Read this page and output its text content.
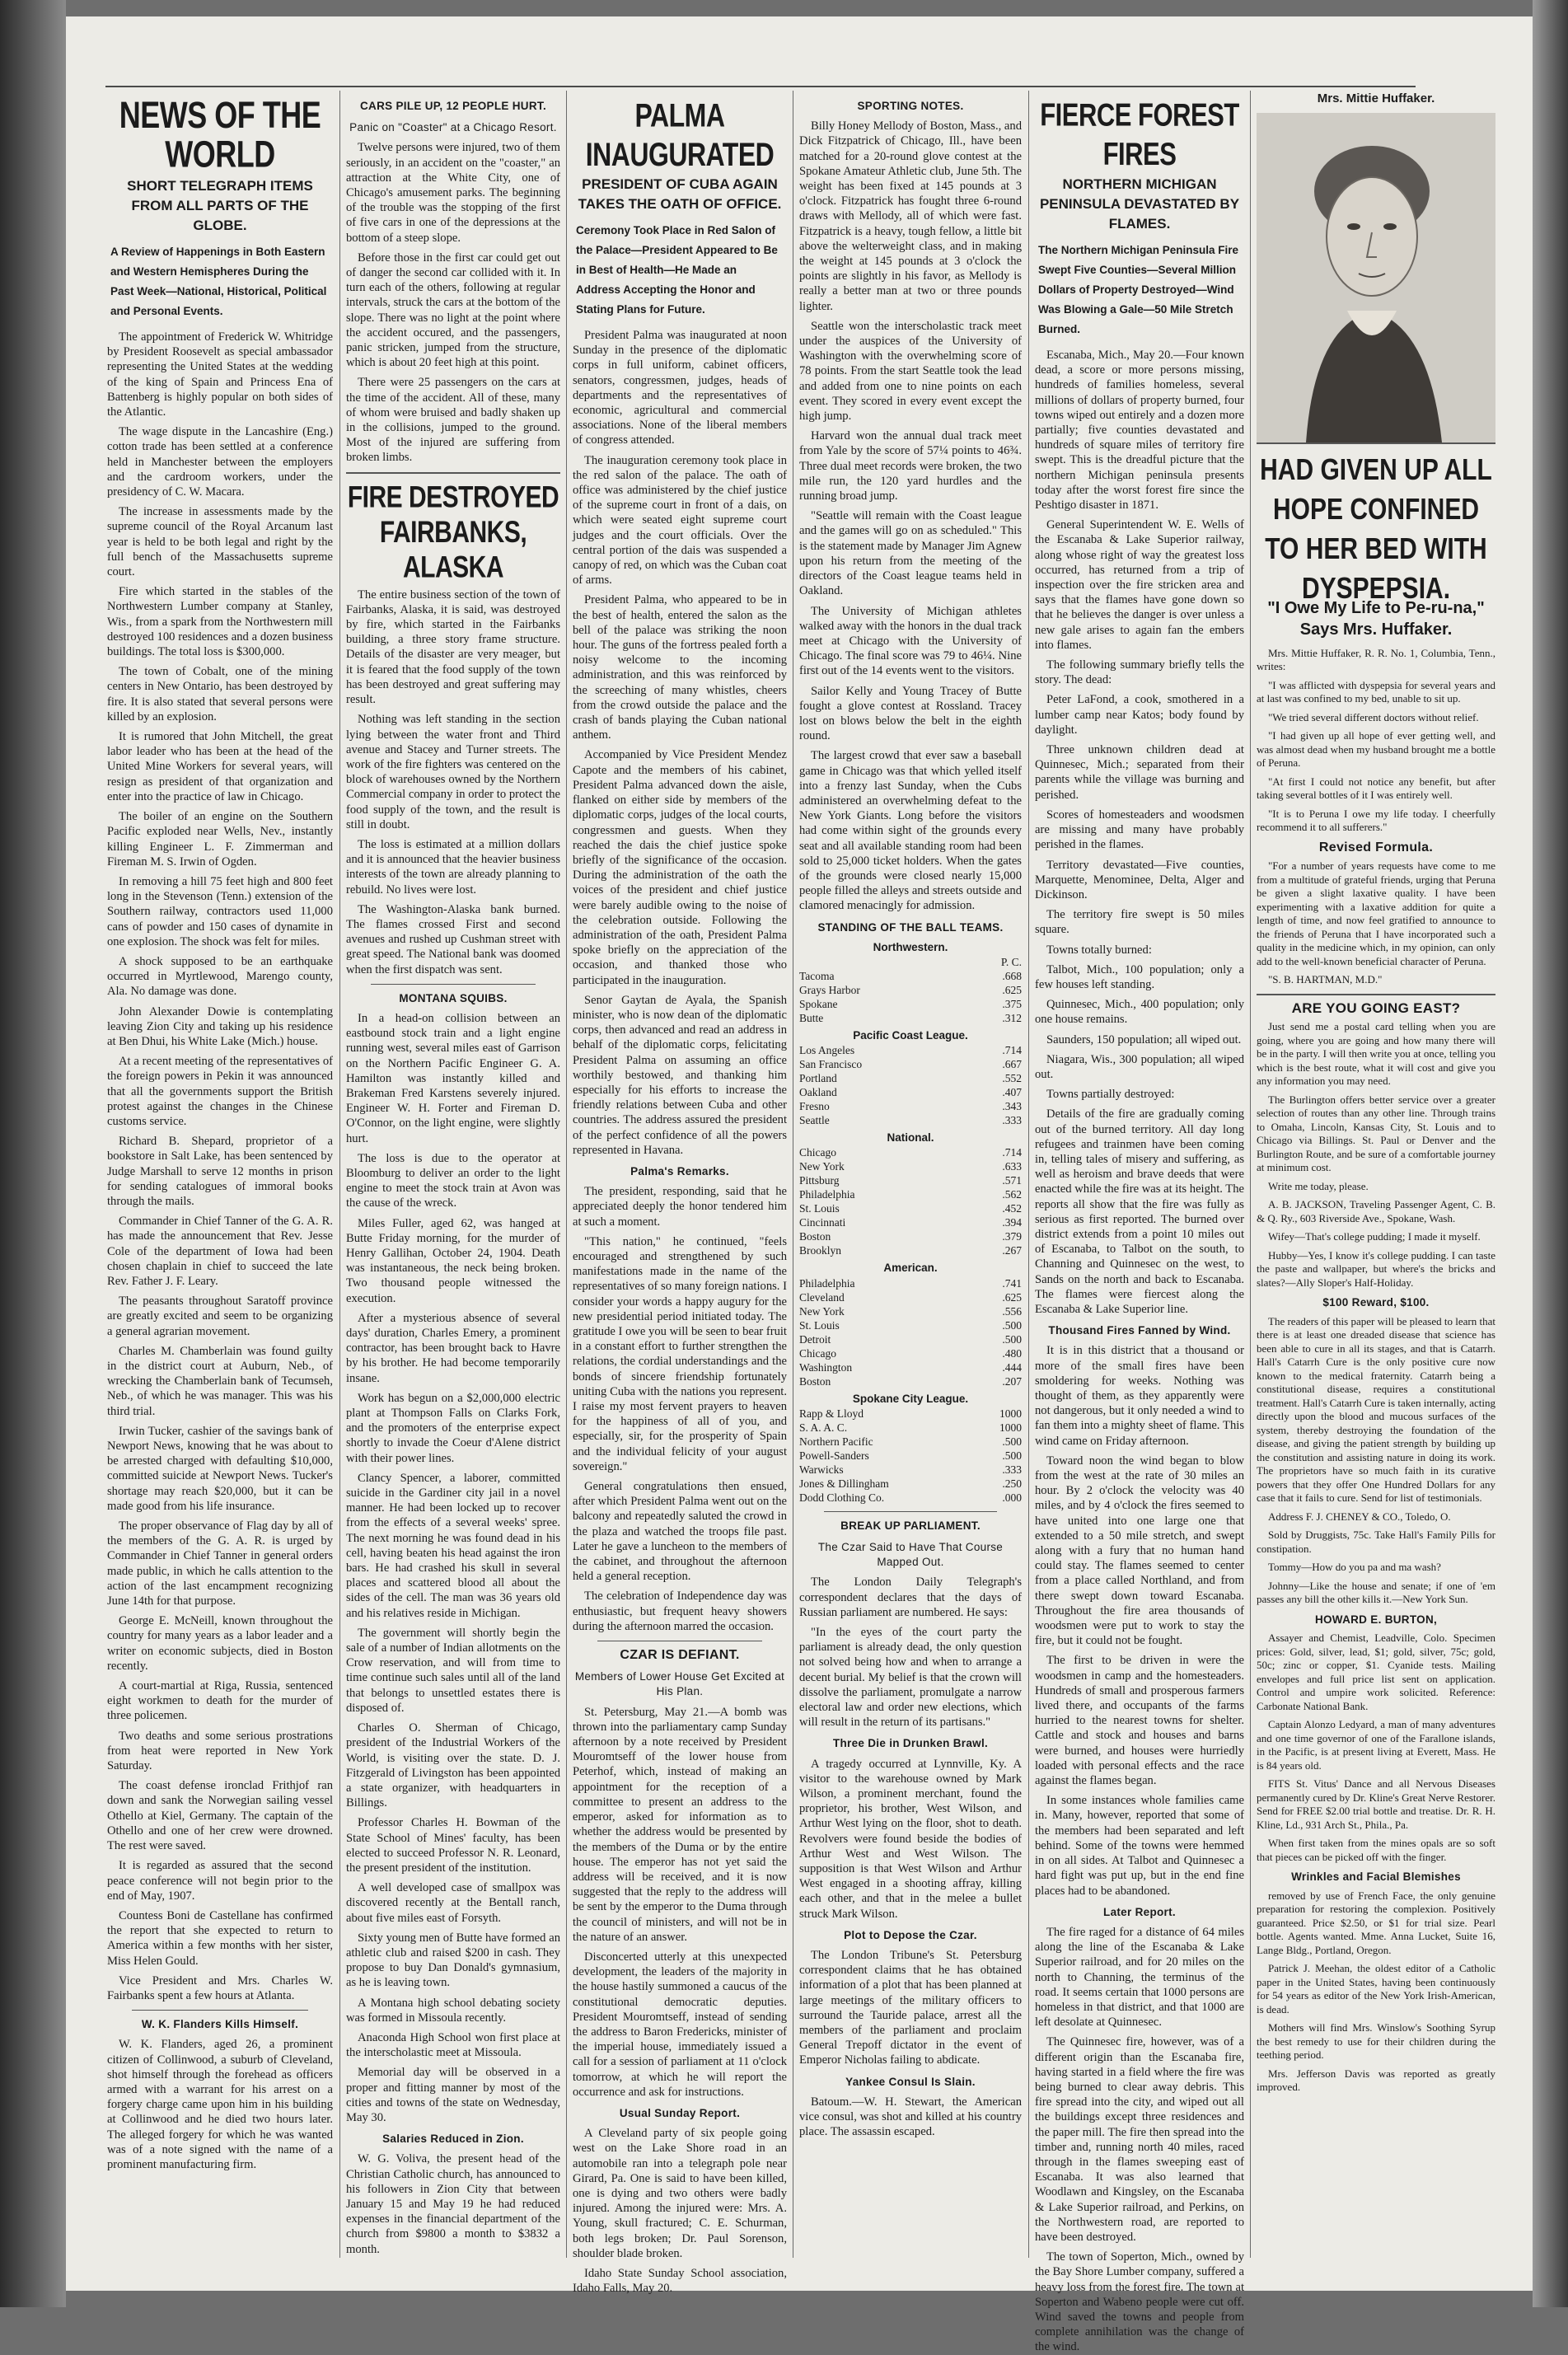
NEWS OF THE WORLD
SHORT TELEGRAPH ITEMS FROM ALL PARTS OF THE GLOBE.
A Review of Happenings in Both Eastern and Western Hemispheres During the Past Week—National, Historical, Political and Personal Events.

The appointment of Frederick W. Whitridge by President Roosevelt as special ambassador representing the United States at the wedding of the king of Spain and Princess Ena of Battenberg is highly popular on both sides of the Atlantic.

The wage dispute in the Lancashire (Eng.) cotton trade has been settled at a conference held in Manchester between the employers and the cardroom workers, under the presidency of C. W. Macara.

The increase in assessments made by the supreme council of the Royal Arcanum last year is held to be both legal and right by the full bench of the Massachusetts supreme court.

Fire which started in the stables of the Northwestern Lumber company at Stanley, Wis., from a spark from the Northwestern mill destroyed 100 residences and a dozen business buildings. The total loss is $300,000.

The town of Cobalt, one of the mining centers in New Ontario, has been destroyed by fire. It is also stated that several persons were killed by an explosion.

It is rumored that John Mitchell, the great labor leader who has been at the head of the United Mine Workers for several years, will resign as president of that organization and enter into the practice of law in Chicago.

The boiler of an engine on the Southern Pacific exploded near Wells, Nev., instantly killing Engineer L. F. Zimmerman and Fireman M. S. Irwin of Ogden.

In removing a hill 75 feet high and 800 feet long in the Stevenson (Tenn.) extension of the Southern railway, contractors used 11,000 cans of powder and 150 cases of dynamite in one explosion. The shock was felt for miles.

A shock supposed to be an earthquake occurred in Myrtlewood, Marengo county, Ala. No damage was done.

John Alexander Dowie is contemplating leaving Zion City and taking up his residence at Ben Dhui, his White Lake (Mich.) house.

At a recent meeting of the representatives of the foreign powers in Pekin it was announced that all the governments support the British protest against the changes in the Chinese customs service.

Richard B. Shepard, proprietor of a bookstore in Salt Lake, has been sentenced by Judge Marshall to serve 12 months in prison for sending catalogues of immoral books through the mails.

Commander in Chief Tanner of the G. A. R. has made the announcement that Rev. Jesse Cole of the department of Iowa had been chosen chaplain in chief to succeed the late Rev. Father J. F. Leary.

The peasants throughout Saratoff province are greatly excited and seem to be organizing a general agrarian movement.

Charles M. Chamberlain was found guilty in the district court at Auburn, Neb., of wrecking the Chamberlain bank of Tecumseh, Neb., of which he was manager. This was his third trial.

Irwin Tucker, cashier of the savings bank of Newport News, knowing that he was about to be arrested charged with defaulting $10,000, committed suicide at Newport News. Tucker's shortage may reach $20,000, but it can be made good from his life insurance.

The proper observance of Flag day by all of the members of the G. A. R. is urged by Commander in Chief Tanner in general orders made public, in which he calls attention to the action of the last encampment recognizing June 14th for that purpose.

George E. McNeill, known throughout the country for many years as a labor leader and a writer on economic subjects, died in Boston recently.

A court-martial at Riga, Russia, sentenced eight workmen to death for the murder of three policemen.

Two deaths and some serious prostrations from heat were reported in New York Saturday.

The coast defense ironclad Frithjof ran down and sank the Norwegian sailing vessel Othello at Kiel, Germany. The captain of the Othello and one of her crew were drowned. The rest were saved.

It is regarded as assured that the second peace conference will not begin prior to the end of May, 1907.

Countess Boni de Castellane has confirmed the report that she expected to return to America within a few months with her sister, Miss Helen Gould.

Vice President and Mrs. Charles W. Fairbanks spent a few hours at Atlanta.

W. K. Flanders Kills Himself.

W. K. Flanders, aged 26, a prominent citizen of Collinwood, a suburb of Cleveland, shot himself through the forehead as officers armed with a warrant for his arrest on a forgery charge came upon him in his building at Collinwood and he died two hours later. The alleged forgery for which he was wanted was of a note signed with the name of a prominent manufacturing firm.

CARS PILE UP, 12 PEOPLE HURT.
Panic on "Coaster" at a Chicago Resort.

Twelve persons were injured, two of them seriously, in an accident on the "coaster," an attraction at the White City, one of Chicago's amusement parks. The beginning of the trouble was the stopping of the first of five cars in one of the depressions at the bottom of a steep slope.

Before those in the first car could get out of danger the second car collided with it. In turn each of the others, following at regular intervals, struck the cars at the bottom of the slope. There was no light at the point where the accident occured, and the passengers, panic stricken, jumped from the structure, which is about 20 feet high at this point.

There were 25 passengers on the cars at the time of the accident. All of these, many of whom were bruised and badly shaken up in the collisions, jumped to the ground. Most of the injured are suffering from broken limbs.

FIRE DESTROYED FAIRBANKS, ALASKA

The entire business section of the town of Fairbanks, Alaska, it is said, was destroyed by fire, which started in the Fairbanks building, a three story frame structure. Details of the disaster are very meager, but it is feared that the food supply of the town has been destroyed and great suffering may result.

Nothing was left standing in the section lying between the water front and Third avenue and Stacey and Turner streets. The work of the fire fighters was centered on the block of warehouses owned by the Northern Commercial company in order to protect the food supply of the town, and the result is still in doubt.

The loss is estimated at a million dollars and it is announced that the heavier business interests of the town are already planning to rebuild. No lives were lost.

The Washington-Alaska bank burned. The flames crossed First and second avenues and rushed up Cushman street with great speed. The National bank was doomed when the first dispatch was sent.

MONTANA SQUIBS.

In a head-on collision between an eastbound stock train and a light engine running west, several miles east of Garrison on the Northern Pacific Engineer G. A. Hamilton was instantly killed and Brakeman Fred Karstens severely injured. Engineer W. H. Forter and Fireman D. O'Connor, on the light engine, were slightly hurt.

The loss is due to the operator at Bloomburg to deliver an order to the light engine to meet the stock train at Avon was the cause of the wreck.

Miles Fuller, aged 62, was hanged at Butte Friday morning, for the murder of Henry Gallihan, October 24, 1904. Death was instantaneous, the neck being broken. Two thousand people witnessed the execution.

After a mysterious absence of several days' duration, Charles Emery, a prominent contractor, has been brought back to Havre by his brother. He had become temporarily insane.

Work has begun on a $2,000,000 electric plant at Thompson Falls on Clarks Fork, and the promoters of the enterprise expect shortly to invade the Coeur d'Alene district with their power lines.

Clancy Spencer, a laborer, committed suicide in the Gardiner city jail in a novel manner. He had been locked up to recover from the effects of a several weeks' spree. The next morning he was found dead in his cell, having beaten his head against the iron bars. He had crashed his skull in several places and scattered blood all about the sides of the cell. The man was 36 years old and his relatives reside in Michigan.

The government will shortly begin the sale of a number of Indian allotments on the Crow reservation, and will from time to time continue such sales until all of the land that belongs to unsettled estates there is disposed of.

Charles O. Sherman of Chicago, president of the Industrial Workers of the World, is visiting over the state. D. J. Fitzgerald of Livingston has been appointed a state organizer, with headquarters in Billings.

Professor Charles H. Bowman of the State School of Mines' faculty, has been elected to succeed Professor N. R. Leonard, the present president of the institution.

A well developed case of smallpox was discovered recently at the Bentall ranch, about five miles east of Forsyth.

Sixty young men of Butte have formed an athletic club and raised $200 in cash. They propose to buy Dan Donald's gymnasium, as he is leaving town.

A Montana high school debating society was formed in Missoula recently.

Anaconda High School won first place at the interscholastic meet at Missoula.

Memorial day will be observed in a proper and fitting manner by most of the cities and towns of the state on Wednesday, May 30.

Salaries Reduced in Zion.

W. G. Voliva, the present head of the Christian Catholic church, has announced to his followers in Zion City that between January 15 and May 19 he had reduced expenses in the financial department of the church from $9800 a month to $3832 a month.

PALMA INAUGURATED
PRESIDENT OF CUBA AGAIN TAKES THE OATH OF OFFICE.
Ceremony Took Place in Red Salon of the Palace—President Appeared to Be in Best of Health—He Made an Address Accepting the Honor and Stating Plans for Future.

President Palma was inaugurated at noon Sunday in the presence of the diplomatic corps in full uniform, cabinet officers, senators, congressmen, judges, heads of departments and the representatives of economic, agricultural and commercial associations. None of the liberal members of congress attended.

The inauguration ceremony took place in the red salon of the palace. The oath of office was administered by the chief justice of the supreme court in front of a dais, on which were seated eight supreme court judges and the court officials. Over the central portion of the dais was suspended a canopy of red, on which was the Cuban coat of arms.

President Palma, who appeared to be in the best of health, entered the salon as the bell of the palace was striking the noon hour. The guns of the fortress pealed forth a noisy welcome to the incoming administration, and this was reinforced by the screeching of many whistles, cheers from the crowd outside the palace and the crash of bands playing the Cuban national anthem.

Accompanied by Vice President Mendez Capote and the members of his cabinet, President Palma advanced down the aisle, flanked on either side by members of the diplomatic corps, judges of the local courts, congressmen and guests. When they reached the dais the chief justice spoke briefly of the significance of the occasion. During the administration of the oath the voices of the president and chief justice were barely audible owing to the noise of the celebration outside. Following the administration of the oath, President Palma spoke briefly on the appreciation of the occasion, and thanked those who participated in the inauguration.

Senor Gaytan de Ayala, the Spanish minister, who is now dean of the diplomatic corps, then advanced and read an address in behalf of the diplomatic corps, felicitating President Palma on assuming an office worthily bestowed, and thanking him especially for his efforts to increase the friendly relations between Cuba and other countries. The address assured the president of the perfect confidence of all the powers represented in Havana.

Palma's Remarks.

The president, responding, said that he appreciated deeply the honor tendered him at such a moment.

"This nation," he continued, "feels encouraged and strengthened by such manifestations made in the name of the representatives of so many foreign nations. I consider your words a happy augury for the new presidential period initiated today. The gratitude I owe you will be seen to bear fruit in a constant effort to further strengthen the relations, the cordial understandings and the bonds of sincere friendship fortunately uniting Cuba with the nations you represent. I raise my most fervent prayers to heaven for the happiness of all of you, and especially, sir, for the prosperity of Spain and the individual felicity of your august sovereign."

General congratulations then ensued, after which President Palma went out on the balcony and repeatedly saluted the crowd in the plaza and watched the troops file past. Later he gave a luncheon to the members of the cabinet, and throughout the afternoon held a general reception.

The celebration of Independence day was enthusiastic, but frequent heavy showers during the afternoon marred the occasion.

CZAR IS DEFIANT.
Members of Lower House Get Excited at His Plan.

St. Petersburg, May 21.—A bomb was thrown into the parliamentary camp Sunday afternoon by a note received by President Mouromtseff of the lower house from Peterhof, which, instead of making an appointment for the reception of a committee to present an address to the emperor, asked for information as to whether the address would be presented by the members of the Duma or by the entire house. The emperor has not yet said the address will be received, and it is now suggested that the reply to the address will be sent by the emperor to the Duma through the council of ministers, and will not be in the nature of an answer.

Disconcerted utterly at this unexpected development, the leaders of the majority in the house hastily summoned a caucus of the constitutional democratic deputies. President Mouromtseff, instead of sending the address to Baron Fredericks, minister of the imperial house, immediately issued a call for a session of parliament at 11 o'clock tomorrow, at which he will report the occurrence and ask for instructions.

Usual Sunday Report.

A Cleveland party of six people going west on the Lake Shore road in an automobile ran into a telegraph pole near Girard, Pa. One is said to have been killed, one is dying and two others were badly injured. Among the injured were: Mrs. A. Young, skull fractured; C. E. Schurman, both legs broken; Dr. Paul Sorenson, shoulder blade broken.

Idaho State Sunday School association, Idaho Falls, May 20.

SPORTING NOTES.

Billy Honey Mellody of Boston, Mass., and Dick Fitzpatrick of Chicago, Ill., have been matched for a 20-round glove contest at the Spokane Amateur Athletic club, June 5th. The weight has been fixed at 145 pounds at 3 o'clock. Fitzpatrick has fought three 6-round draws with Mellody, all of which were fast. Fitzpatrick is a heavy, tough fellow, a little bit above the welterweight class, and in making the weight at 145 pounds at 3 o'clock the points are slightly in his favor, as Mellody is really a better man at two or three pounds lighter.

Seattle won the interscholastic track meet under the auspices of the University of Washington with the overwhelming score of 78 points. From the start Seattle took the lead and added from one to nine points on each event. They scored in every event except the high jump.

Harvard won the annual dual track meet from Yale by the score of 57¼ points to 46¾. Three dual meet records were broken, the two mile run, the 120 yard hurdles and the running broad jump.

"Seattle will remain with the Coast league and the games will go on as scheduled." This is the statement made by Manager Jim Agnew upon his return from the meeting of the directors of the Coast league teams held in Oakland.

The University of Michigan athletes walked away with the honors in the dual track meet at Chicago with the University of Chicago. The final score was 79 to 46¼. Nine first out of the 14 events went to the visitors.

Sailor Kelly and Young Tracey of Butte fought a glove contest at Rossland. Tracey lost on blows below the belt in the eighth round.

The largest crowd that ever saw a baseball game in Chicago was that which yelled itself into a frenzy last Sunday, when the Cubs administered an overwhelming defeat to the New York Giants. Long before the visitors had come within sight of the grounds every seat and all available standing room had been sold to 25,000 ticket holders. When the gates of the grounds were closed nearly 15,000 people filled the alleys and streets outside and clamored menacingly for admission.

STANDING OF THE BALL TEAMS.
Northwestern.
	P. C.
Tacoma	.668
Grays Harbor	.625
Spokane	.375
Butte	.312
Pacific Coast League.
Los Angeles	.714
San Francisco	.667
Portland	.552
Oakland	.407
Fresno	.343
Seattle	.333
National.
Chicago	.714
New York	.633
Pittsburg	.571
Philadelphia	.562
St. Louis	.452
Cincinnati	.394
Boston	.379
Brooklyn	.267
American.
Philadelphia	.741
Cleveland	.625
New York	.556
St. Louis	.500
Detroit	.500
Chicago	.480
Washington	.444
Boston	.207
Spokane City League.
Rapp & Lloyd	1000
S. A. A. C.	1000
Northern Pacific	.500
Powell-Sanders	.500
Warwicks	.333
Jones & Dillingham	.250
Dodd Clothing Co.	.000
BREAK UP PARLIAMENT.
The Czar Said to Have That Course Mapped Out.

The London Daily Telegraph's correspondent declares that the days of Russian parliament are numbered. He says:

"In the eyes of the court party the parliament is already dead, the only question not solved being how and when to arrange a decent burial. My belief is that the crown will dissolve the parliament, promulgate a narrow electoral law and order new elections, which will result in the return of its partisans."

Three Die in Drunken Brawl.

A tragedy occurred at Lynnville, Ky. A visitor to the warehouse owned by Mark Wilson, a prominent merchant, found the proprietor, his brother, West Wilson, and Arthur West lying on the floor, shot to death. Revolvers were found beside the bodies of Arthur West and West Wilson. The supposition is that West Wilson and Arthur West engaged in a shooting affray, killing each other, and that in the melee a bullet struck Mark Wilson.

Plot to Depose the Czar.

The London Tribune's St. Petersburg correspondent claims that he has obtained information of a plot that has been planned at large meetings of the military officers to surround the Tauride palace, arrest all the members of the parliament and proclaim General Trepoff dictator in the event of Emperor Nicholas failing to abdicate.

Yankee Consul Is Slain.

Batoum.—W. H. Stewart, the American vice consul, was shot and killed at his country place. The assassin escaped.

FIERCE FOREST FIRES
NORTHERN MICHIGAN PENINSULA DEVASTATED BY FLAMES.
The Northern Michigan Peninsula Fire Swept Five Counties—Several Million Dollars of Property Destroyed—Wind Was Blowing a Gale—50 Mile Stretch Burned.

Escanaba, Mich., May 20.—Four known dead, a score or more persons missing, hundreds of families homeless, several millions of dollars of property burned, four towns wiped out entirely and a dozen more partially; five counties devastated and hundreds of square miles of territory fire swept. This is the dreadful picture that the northern Michigan peninsula presents today after the worst forest fire since the Peshtigo disaster in 1871.

General Superintendent W. E. Wells of the Escanaba & Lake Superior railway, along whose right of way the greatest loss occurred, has returned from a trip of inspection over the fire stricken area and says that the flames have gone down so that he believes the danger is over unless a new gale arises to again fan the embers into flames.

The following summary briefly tells the story. The dead:

Peter LaFond, a cook, smothered in a lumber camp near Katos; body found by daylight.

Three unknown children dead at Quinnesec, Mich.; separated from their parents while the village was burning and perished.

Scores of homesteaders and woodsmen are missing and many have probably perished in the flames.

Territory devastated—Five counties, Marquette, Menominee, Delta, Alger and Dickinson.

The territory fire swept is 50 miles square.

Towns totally burned:

Talbot, Mich., 100 population; only a few houses left standing.

Quinnesec, Mich., 400 population; only one house remains.

Saunders, 150 population; all wiped out.

Niagara, Wis., 300 population; all wiped out.

Towns partially destroyed:

Details of the fire are gradually coming out of the burned territory. All day long refugees and trainmen have been coming in, telling tales of misery and suffering, as well as heroism and brave deeds that were enacted while the fire was at its height. The reports all show that the fire was fully as serious as first reported. The burned over district extends from a point 10 miles out of Escanaba, to Talbot on the south, to Channing and Quinnesec on the west, to Sands on the north and back to Escanaba. The flames were fiercest along the Escanaba & Lake Superior line.

Thousand Fires Fanned by Wind.

It is in this district that a thousand or more of the small fires have been smoldering for weeks. Nothing was thought of them, as they apparently were not dangerous, but it only needed a wind to fan them into a mighty sheet of flame. This wind came on Friday afternoon.

Toward noon the wind began to blow from the west at the rate of 30 miles an hour. By 2 o'clock the velocity was 40 miles, and by 4 o'clock the fires seemed to have united into one large one that extended to a 50 mile stretch, and swept along with a fury that no human hand could stay. The flames seemed to center from a place called Northland, and from there swept down toward Escanaba. Throughout the fire area thousands of woodsmen were put to work to stay the fire, but it could not be fought.

The first to be driven in were the woodsmen in camp and the homesteaders. Hundreds of small and prosperous farmers lived there, and occupants of the farms hurried to the nearest towns for shelter. Cattle and stock and houses and barns were burned, and houses were hurriedly loaded with personal effects and the race against the flames began.

In some instances whole families came in. Many, however, reported that some of the members had been separated and left behind. Some of the towns were hemmed in on all sides. At Talbot and Quinnesec a hard fight was put up, but in the end fine places had to be abandoned.

Later Report.

The fire raged for a distance of 64 miles along the line of the Escanaba & Lake Superior railroad, and for 20 miles on the north to Channing, the terminus of the road. It seems certain that 1000 persons are homeless in that district, and that 1000 are left desolate at Quinnesec.

The Quinnesec fire, however, was of a different origin than the Escanaba fire, having started in a field where the fire was being burned to clear away debris. This fire spread into the city, and wiped out all the buildings except three residences and the paper mill. The fire then spread into the timber and, running north 40 miles, raced through in the flames sweeping east of Escanaba. It was also learned that Woodlawn and Kingsley, on the Escanaba & Lake Superior railroad, and Perkins, on the Northwestern road, are reported to have been destroyed.

The town of Soperton, Mich., owned by the Bay Shore Lumber company, suffered a heavy loss from the forest fire. The town at Soperton and Wabeno people were cut off. Wind saved the towns and people from complete annihilation was the change of the wind.

Mrs. Mittie Huffaker.
HAD GIVEN UP ALL HOPE CONFINED TO HER BED WITH DYSPEPSIA.
"I Owe My Life to Pe-ru-na," Says Mrs. Huffaker.

Mrs. Mittie Huffaker, R. R. No. 1, Columbia, Tenn., writes:

"I was afflicted with dyspepsia for several years and at last was confined to my bed, unable to sit up.

"We tried several different doctors without relief.

"I had given up all hope of ever getting well, and was almost dead when my husband brought me a bottle of Peruna.

"At first I could not notice any benefit, but after taking several bottles of it I was entirely well.

"It is to Peruna I owe my life today. I cheerfully recommend it to all sufferers."

Revised Formula.

"For a number of years requests have come to me from a multitude of grateful friends, urging that Peruna be given a slight laxative quality. I have been experimenting with a laxative addition for quite a length of time, and now feel gratified to announce to the friends of Peruna that I have incorporated such a quality in the medicine which, in my opinion, can only add to the well-known beneficial character of Peruna.

"S. B. HARTMAN, M.D."

ARE YOU GOING EAST?

Just send me a postal card telling when you are going, where you are going and how many there will be in the party. I will then write you at once, telling you which is the best route, what it will cost and give you any information you may need.

The Burlington offers better service over a greater selection of routes than any other line. Through trains to Omaha, Lincoln, Kansas City, St. Louis and to Chicago via Billings. St. Paul or Denver and the Burlington Route, and be sure of a comfortable journey at minimum cost.

Write me today, please.

A. B. JACKSON, Traveling Passenger Agent, C. B. & Q. Ry., 603 Riverside Ave., Spokane, Wash.

Wifey—That's college pudding; I made it myself.

Hubby—Yes, I know it's college pudding. I can taste the paste and wallpaper, but where's the bricks and slates?—Ally Sloper's Half-Holiday.

$100 Reward, $100.

The readers of this paper will be pleased to learn that there is at least one dreaded disease that science has been able to cure in all its stages, and that is Catarrh. Hall's Catarrh Cure is the only positive cure now known to the medical fraternity. Catarrh being a constitutional disease, requires a constitutional treatment. Hall's Catarrh Cure is taken internally, acting directly upon the blood and mucous surfaces of the system, thereby destroying the foundation of the disease, and giving the patient strength by building up the constitution and assisting nature in doing its work. The proprietors have so much faith in its curative powers that they offer One Hundred Dollars for any case that it fails to cure. Send for list of testimonials.

Address F. J. CHENEY & CO., Toledo, O.

Sold by Druggists, 75c. Take Hall's Family Pills for constipation.

Tommy—How do you pa and ma wash?

Johnny—Like the house and senate; if one of 'em passes any bill the other kills it.—New York Sun.

HOWARD E. BURTON,

Assayer and Chemist, Leadville, Colo. Specimen prices: Gold, silver, lead, $1; gold, silver, 75c; gold, 50c; zinc or copper, $1. Cyanide tests. Mailing envelopes and full price list sent on application. Control and umpire work solicited. Reference: Carbonate National Bank.

Captain Alonzo Ledyard, a man of many adventures and one time governor of one of the Farallone islands, in the Pacific, is at present living at Everett, Mass. He is 84 years old.

FITS St. Vitus' Dance and all Nervous Diseases permanently cured by Dr. Kline's Great Nerve Restorer. Send for FREE $2.00 trial bottle and treatise. Dr. R. H. Kline, Ld., 931 Arch St., Phila., Pa.

When first taken from the mines opals are so soft that pieces can be picked off with the finger.

Wrinkles and Facial Blemishes

removed by use of French Face, the only genuine preparation for restoring the complexion. Positively guaranteed. Price $2.50, or $1 for trial size. Pearl bottle. Agents wanted. Mme. Anna Lucket, Suite 16, Lange Bldg., Portland, Oregon.

Patrick J. Meehan, the oldest editor of a Catholic paper in the United States, having been continuously for 54 years as editor of the New York Irish-American, is dead.

Mothers will find Mrs. Winslow's Soothing Syrup the best remedy to use for their children during the teething period.

Mrs. Jefferson Davis was reported as greatly improved.
